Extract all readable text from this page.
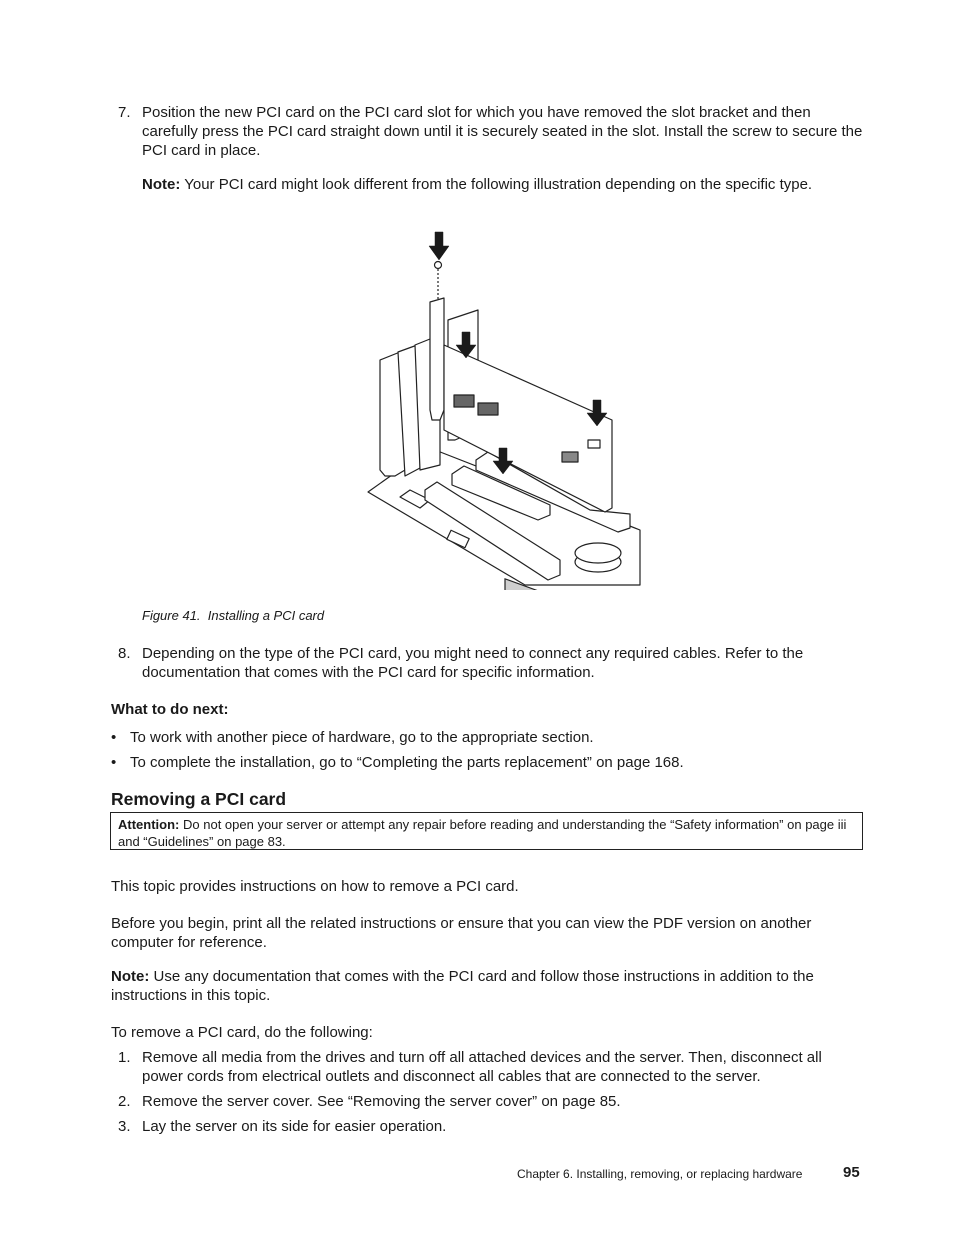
7. Position the new PCI card on the PCI card slot for which you have removed the slot bracket and then carefully press the PCI card straight down until it is securely seated in the slot. Install the screw to secure the PCI card in place.
Note: Your PCI card might look different from the following illustration depending on the specific type.
Figure 41. Installing a PCI card
8. Depending on the type of the PCI card, you might need to connect any required cables. Refer to the documentation that comes with the PCI card for specific information.
What to do next:
• To work with another piece of hardware, go to the appropriate section.
• To complete the installation, go to “Completing the parts replacement” on page 168.
Removing a PCI card
Attention: Do not open your server or attempt any repair before reading and understanding the “Safety information” on page iii and “Guidelines” on page 83.
This topic provides instructions on how to remove a PCI card.
Before you begin, print all the related instructions or ensure that you can view the PDF version on another computer for reference.
Note: Use any documentation that comes with the PCI card and follow those instructions in addition to the instructions in this topic.
To remove a PCI card, do the following:
1. Remove all media from the drives and turn off all attached devices and the server. Then, disconnect all power cords from electrical outlets and disconnect all cables that are connected to the server.
2. Remove the server cover. See “Removing the server cover” on page 85.
3. Lay the server on its side for easier operation.
Chapter 6. Installing, removing, or replacing hardware	95
